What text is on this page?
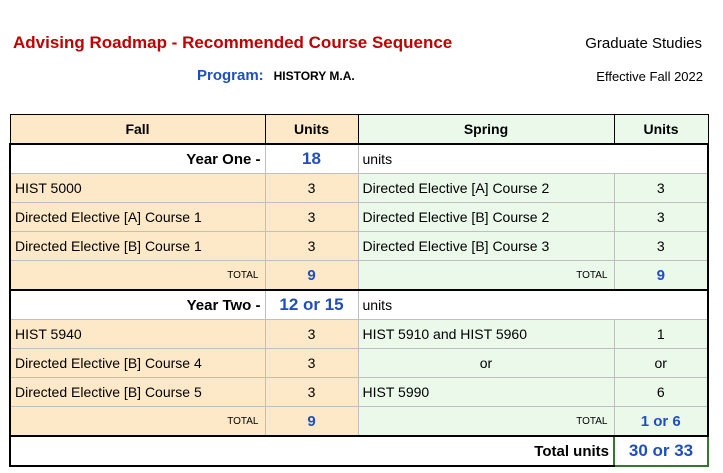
Advising Roadmap - Recommended Course Sequence	Graduate Studies
Program: HISTORY M.A.	Effective Fall 2022
Fall	Units	Spring	Units
Year One -	18	units	
HIST 5000	3	Directed Elective [A] Course 2	3
Directed Elective [A] Course 1	3	Directed Elective [B] Course 2	3
Directed Elective [B] Course 1	3	Directed Elective [B] Course 3	3
TOTAL	9	TOTAL	9
Year Two -	12 or 15	units	
HIST 5940	3	HIST 5910 and HIST 5960	1
Directed Elective [B] Course 4	3	or	or
Directed Elective [B] Course 5	3	HIST 5990	6
TOTAL	9	TOTAL	1 or 6
Total units			30 or 33
